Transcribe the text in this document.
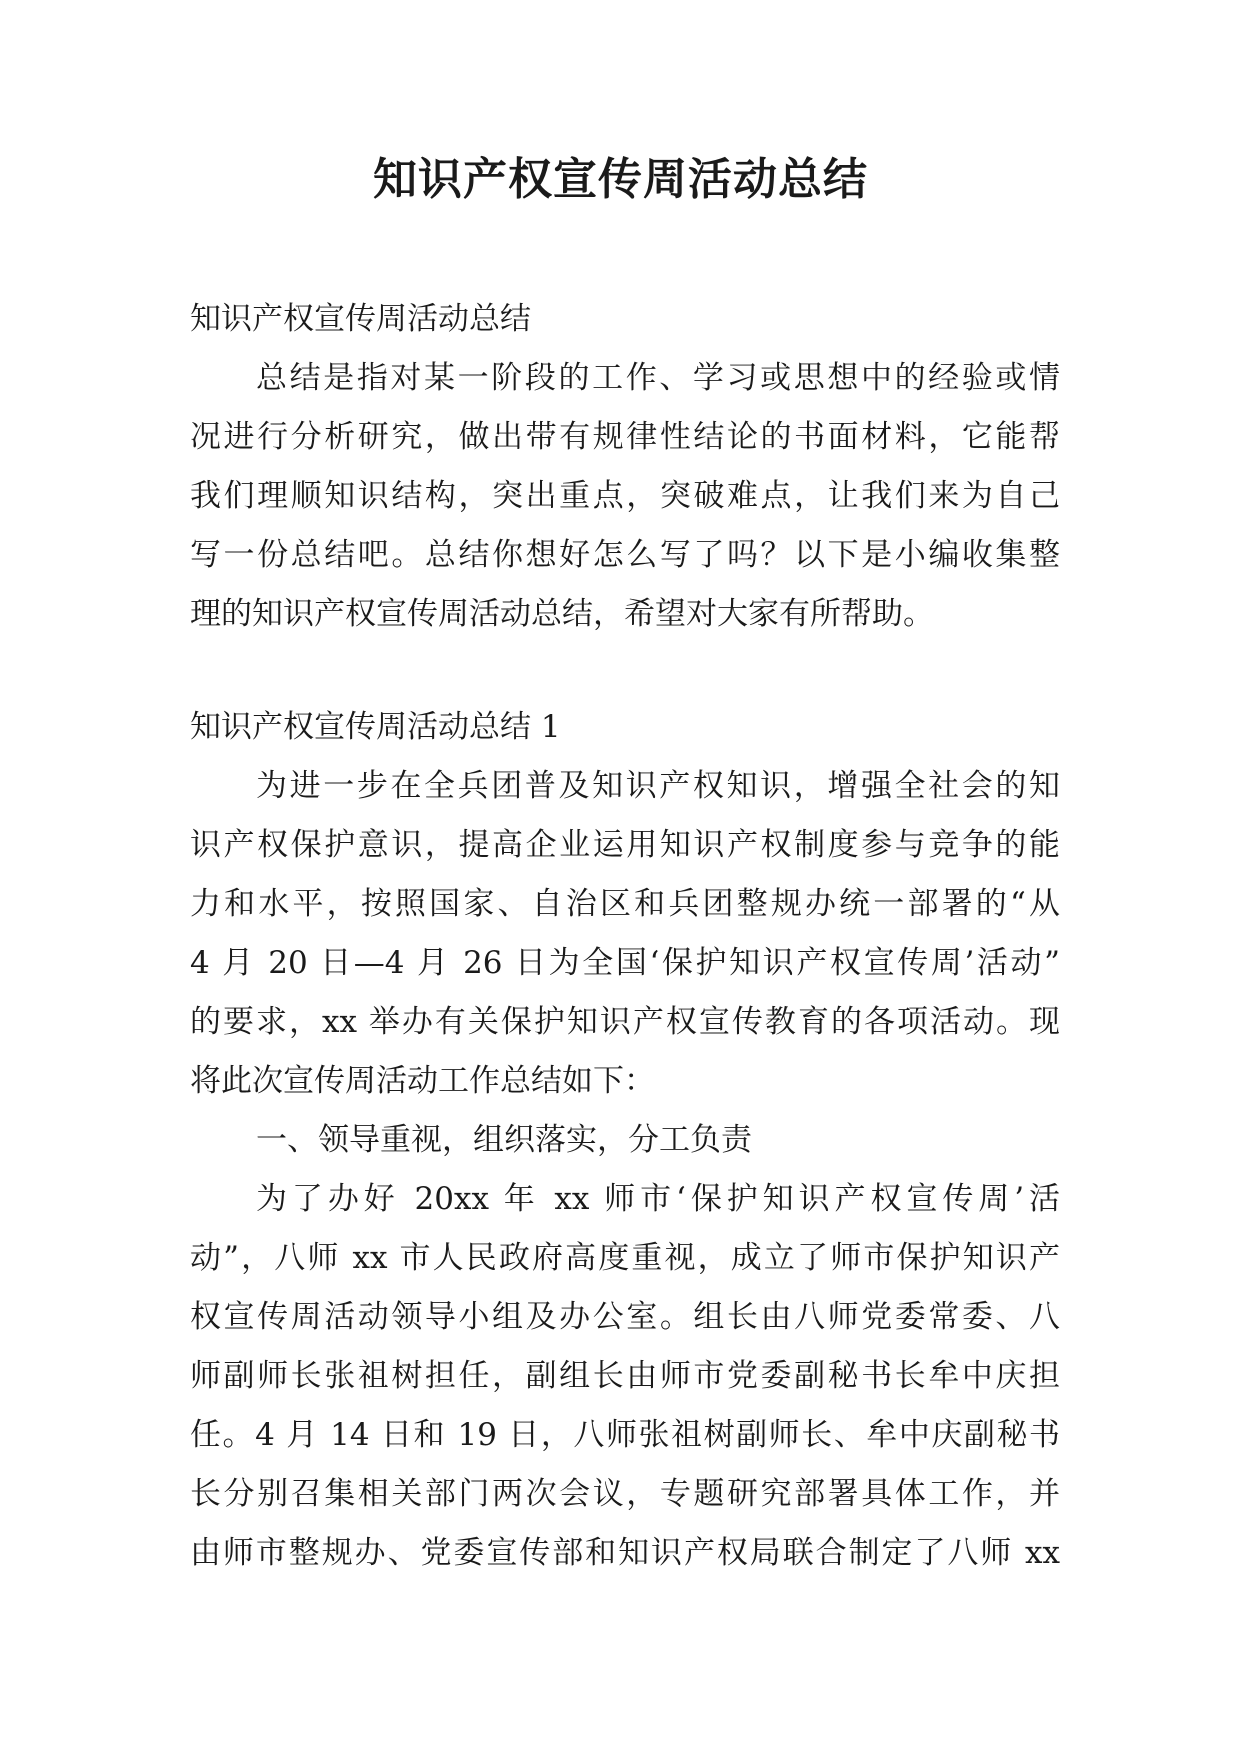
知识产权宣传周活动总结
知识产权宣传周活动总结
总结是指对某一阶段的工作、学习或思想中的经验或情
况进行分析研究，做出带有规律性结论的书面材料，它能帮
我们理顺知识结构，突出重点，突破难点，让我们来为自己
写一份总结吧。总结你想好怎么写了吗？以下是小编收集整
理的知识产权宣传周活动总结，希望对大家有所帮助。
知识产权宣传周活动总结 1
为进一步在全兵团普及知识产权知识，增强全社会的知
识产权保护意识，提高企业运用知识产权制度参与竞争的能
力和水平，按照国家、自治区和兵团整规办统一部署的“从
4 月 20 日—4 月 26 日为全国‘保护知识产权宣传周’活动”
的要求，xx 举办有关保护知识产权宣传教育的各项活动。现
将此次宣传周活动工作总结如下：
一、领导重视，组织落实，分工负责
为了办好 20xx 年 xx 师市‘保护知识产权宣传周’活
动”，八师 xx 市人民政府高度重视，成立了师市保护知识产
权宣传周活动领导小组及办公室。组长由八师党委常委、八
师副师长张祖树担任，副组长由师市党委副秘书长牟中庆担
任。4 月 14 日和 19 日，八师张祖树副师长、牟中庆副秘书
长分别召集相关部门两次会议，专题研究部署具体工作，并
由师市整规办、党委宣传部和知识产权局联合制定了八师 xx
